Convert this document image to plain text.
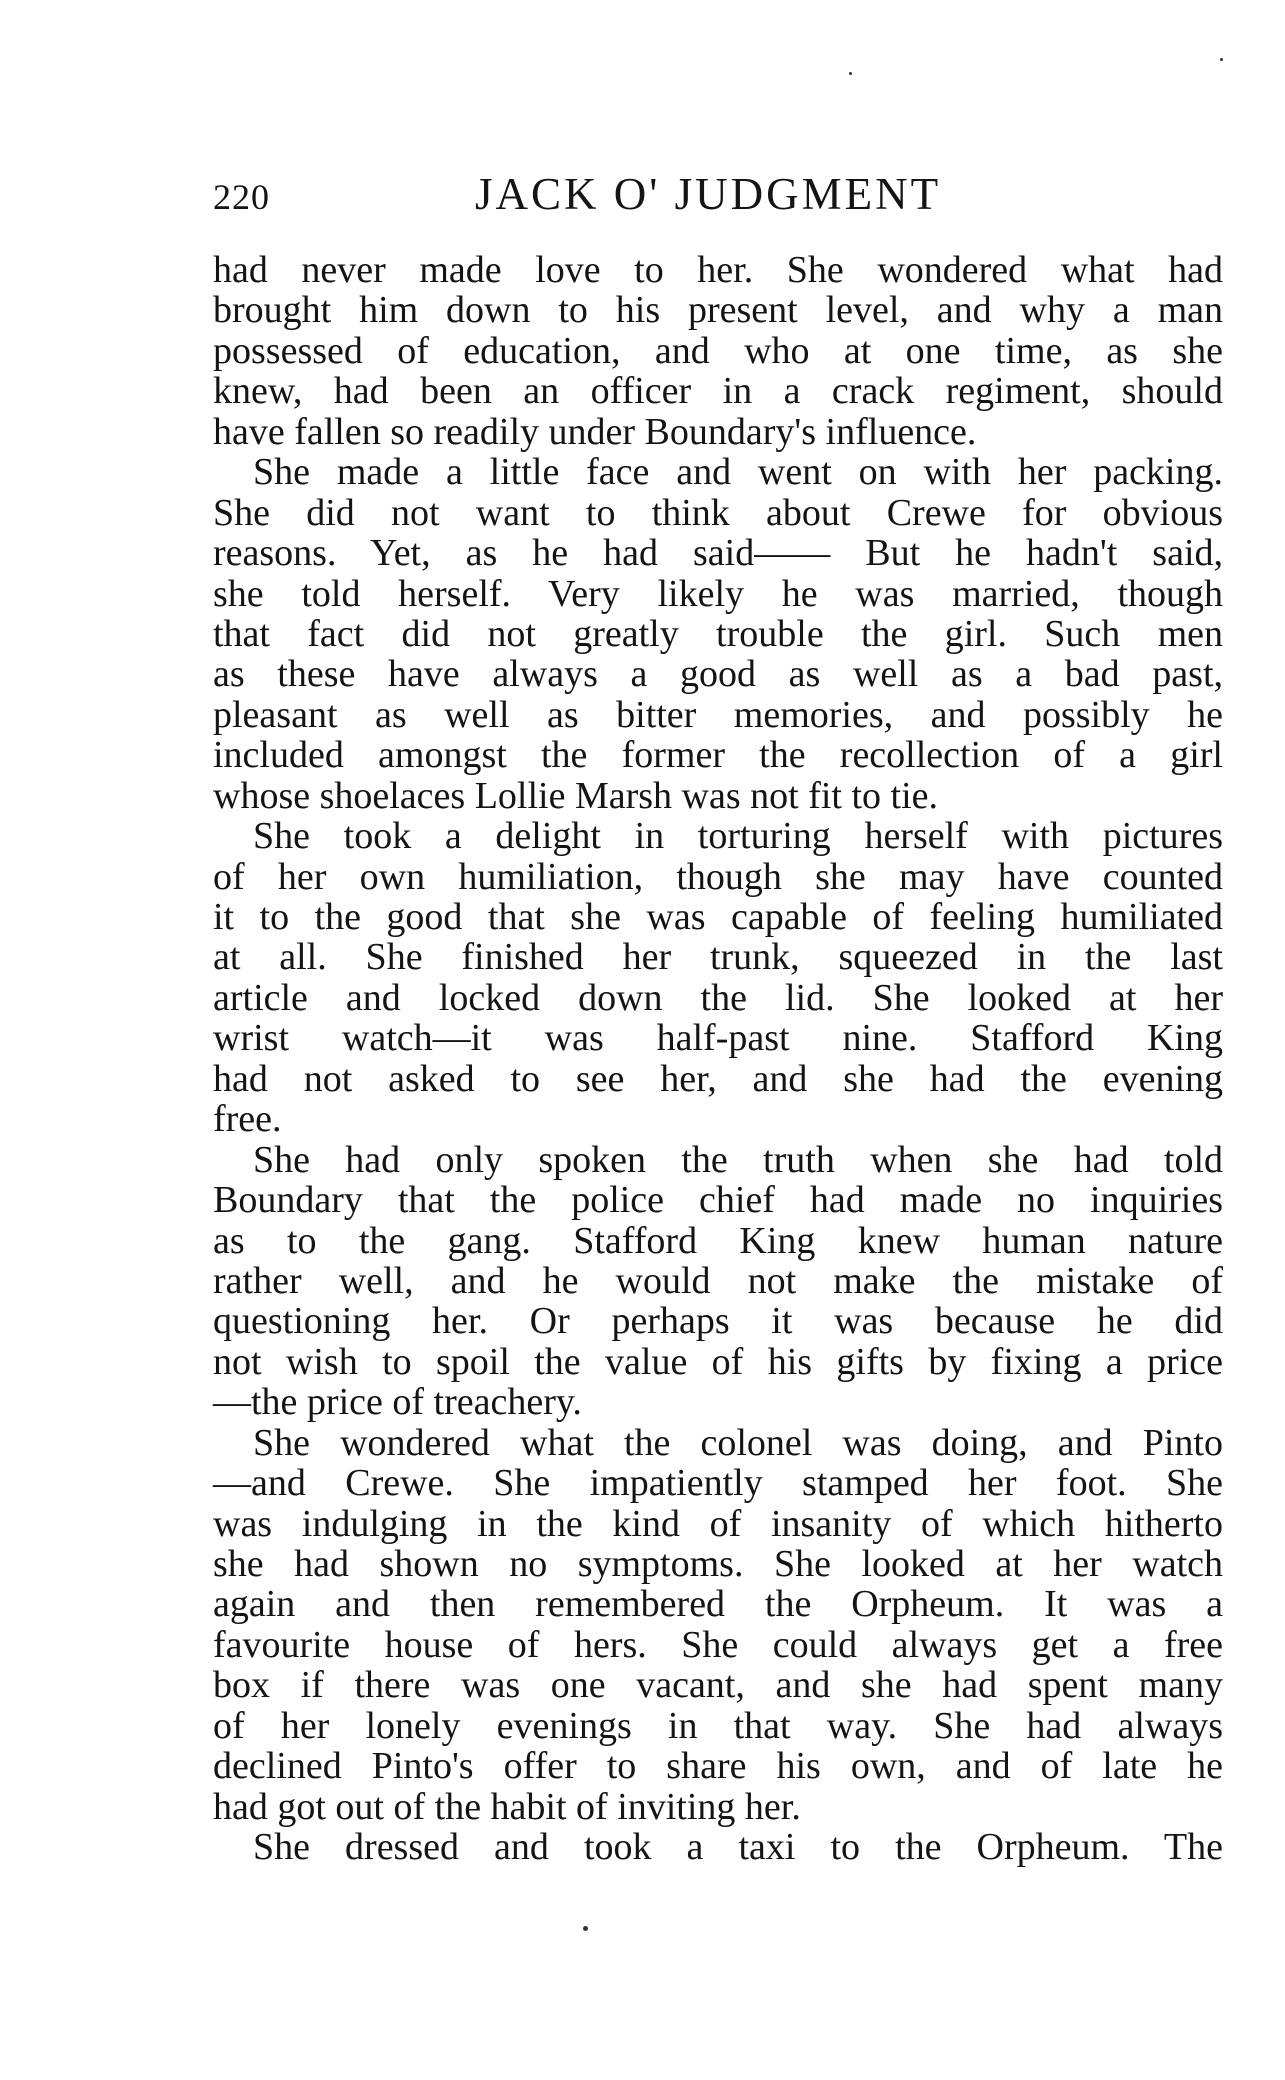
220	JACK O' JUDGMENT
had never made love to her. She wondered what had
brought him down to his present level, and why a man
possessed of education, and who at one time, as she
knew, had been an officer in a crack regiment, should
have fallen so readily under Boundary's influence.
She made a little face and went on with her packing.
She did not want to think about Crewe for obvious
reasons. Yet, as he had said—— But he hadn't said,
she told herself. Very likely he was married, though
that fact did not greatly trouble the girl. Such men
as these have always a good as well as a bad past,
pleasant as well as bitter memories, and possibly he
included amongst the former the recollection of a girl
whose shoelaces Lollie Marsh was not fit to tie.
She took a delight in torturing herself with pictures
of her own humiliation, though she may have counted
it to the good that she was capable of feeling humiliated
at all. She finished her trunk, squeezed in the last
article and locked down the lid. She looked at her
wrist watch—it was half-past nine. Stafford King
had not asked to see her, and she had the evening
free.
She had only spoken the truth when she had told
Boundary that the police chief had made no inquiries
as to the gang. Stafford King knew human nature
rather well, and he would not make the mistake of
questioning her. Or perhaps it was because he did
not wish to spoil the value of his gifts by fixing a price
—the price of treachery.
She wondered what the colonel was doing, and Pinto
—and Crewe. She impatiently stamped her foot. She
was indulging in the kind of insanity of which hitherto
she had shown no symptoms. She looked at her watch
again and then remembered the Orpheum. It was a
favourite house of hers. She could always get a free
box if there was one vacant, and she had spent many
of her lonely evenings in that way. She had always
declined Pinto's offer to share his own, and of late he
had got out of the habit of inviting her.
She dressed and took a taxi to the Orpheum. The
